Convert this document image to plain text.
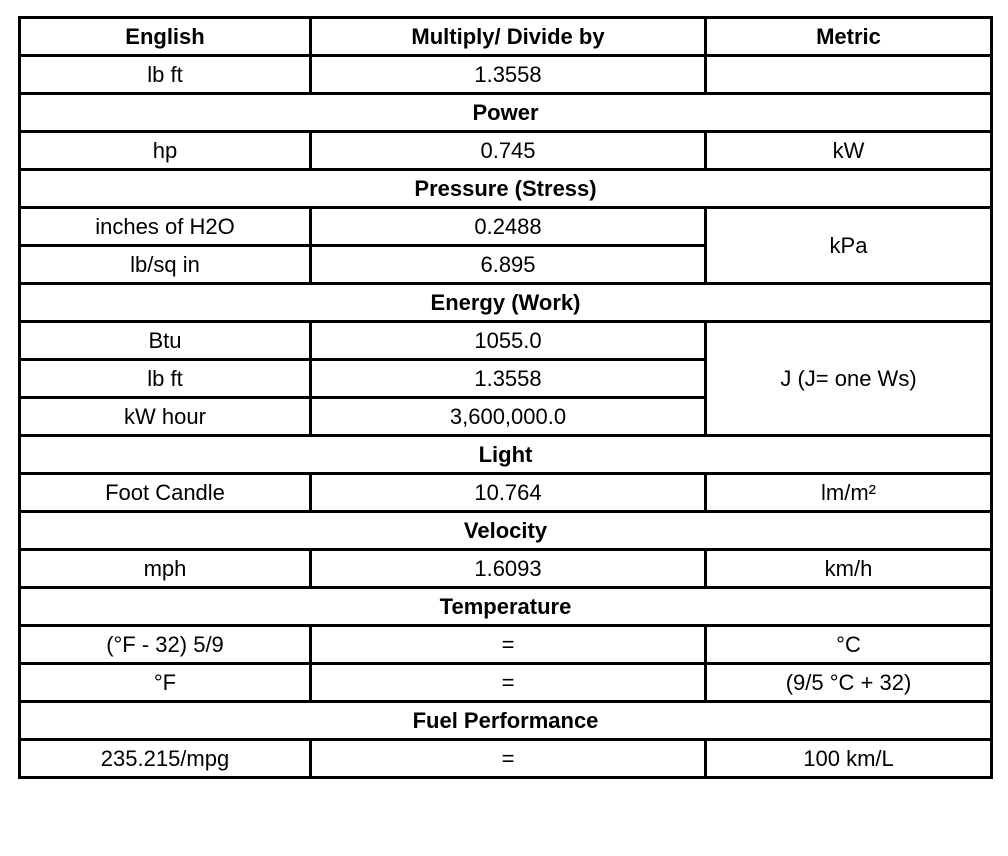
English	Multiply/ Divide by	Metric
lb ft	1.3558	
Power		
hp	0.745	kW
Pressure (Stress)		
inches of H2O	0.2488	kPa
lb/sq in	6.895	
Energy (Work)		
Btu	1055.0	J (J= one Ws)
lb ft	1.3558	
kW hour	3,600,000.0	
Light		
Foot Candle	10.764	lm/m²
Velocity		
mph	1.6093	km/h
Temperature		
(°F - 32) 5/9	=	°C
°F	=	(9/5 °C + 32)
Fuel Performance		
235.215/mpg	=	100 km/L
